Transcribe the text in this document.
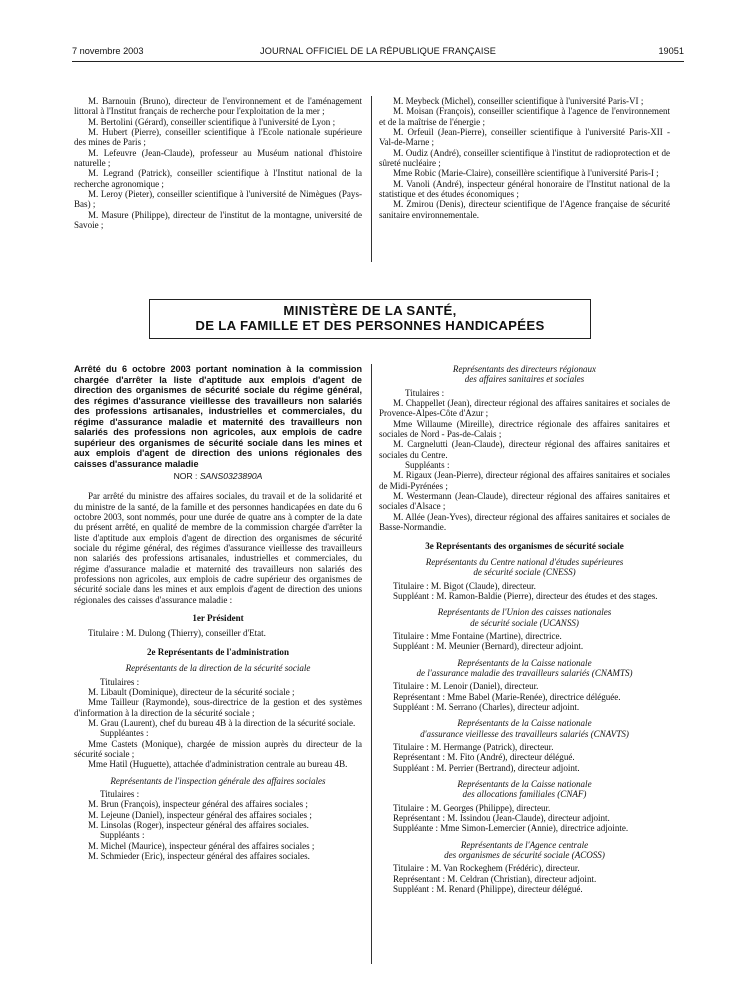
7 novembre 2003	JOURNAL OFFICIEL DE LA RÉPUBLIQUE FRANÇAISE	19051

M. Barnouin (Bruno), directeur de l'environnement et de l'aménagement littoral à l'Institut français de recherche pour l'exploitation de la mer ;

M. Bertolini (Gérard), conseiller scientifique à l'université de Lyon ;

M. Hubert (Pierre), conseiller scientifique à l'Ecole nationale supérieure des mines de Paris ;

M. Lefeuvre (Jean-Claude), professeur au Muséum national d'histoire naturelle ;

M. Legrand (Patrick), conseiller scientifique à l'Institut national de la recherche agronomique ;

M. Leroy (Pieter), conseiller scientifique à l'université de Nimègues (Pays-Bas) ;

M. Masure (Philippe), directeur de l'institut de la montagne, université de Savoie ;

M. Meybeck (Michel), conseiller scientifique à l'université Paris-VI ;

M. Moisan (François), conseiller scientifique à l'agence de l'environnement et de la maîtrise de l'énergie ;

M. Orfeuil (Jean-Pierre), conseiller scientifique à l'université Paris-XII - Val-de-Marne ;

M. Oudiz (André), conseiller scientifique à l'institut de radioprotection et de sûreté nucléaire ;

Mme Robic (Marie-Claire), conseillère scientifique à l'université Paris-I ;

M. Vanoli (André), inspecteur général honoraire de l'Institut national de la statistique et des études économiques ;

M. Zmirou (Denis), directeur scientifique de l'Agence française de sécurité sanitaire environnementale.

MINISTÈRE DE LA SANTÉ,
DE LA FAMILLE ET DES PERSONNES HANDICAPÉES

Arrêté du 6 octobre 2003 portant nomination à la commission chargée d'arrêter la liste d'aptitude aux emplois d'agent de direction des organismes de sécurité sociale du régime général, des régimes d'assurance vieillesse des travailleurs non salariés des professions artisanales, industrielles et commerciales, du régime d'assurance maladie et maternité des travailleurs non salariés des professions non agricoles, aux emplois de cadre supérieur des organismes de sécurité sociale dans les mines et aux emplois d'agent de direction des unions régionales des caisses d'assurance maladie

NOR : SANS0323890A

Par arrêté du ministre des affaires sociales, du travail et de la solidarité et du ministre de la santé, de la famille et des personnes handicapées en date du 6 octobre 2003, sont nommés, pour une durée de quatre ans à compter de la date du présent arrêté, en qualité de membre de la commission chargée d'arrêter la liste d'aptitude aux emplois d'agent de direction des organismes de sécurité sociale du régime général, des régimes d'assurance vieillesse des travailleurs non salariés des professions artisanales, industrielles et commerciales, du régime d'assurance maladie et maternité des travailleurs non salariés des professions non agricoles, aux emplois de cadre supérieur des organismes de sécurité sociale dans les mines et aux emplois d'agent de direction des unions régionales des caisses d'assurance maladie :

1er Président

Titulaire : M. Dulong (Thierry), conseiller d'Etat.

2e Représentants de l'administration

Représentants de la direction de la sécurité sociale

Titulaires :

M. Libault (Dominique), directeur de la sécurité sociale ;

Mme Tailleur (Raymonde), sous-directrice de la gestion et des systèmes d'information à la direction de la sécurité sociale ;

M. Grau (Laurent), chef du bureau 4B à la direction de la sécurité sociale.

Suppléantes :

Mme Castets (Monique), chargée de mission auprès du directeur de la sécurité sociale ;

Mme Hatil (Huguette), attachée d'administration centrale au bureau 4B.

Représentants de l'inspection générale des affaires sociales

Titulaires :

M. Brun (François), inspecteur général des affaires sociales ;

M. Lejeune (Daniel), inspecteur général des affaires sociales ;

M. Linsolas (Roger), inspecteur général des affaires sociales.

Suppléants :

M. Michel (Maurice), inspecteur général des affaires sociales ;

M. Schmieder (Eric), inspecteur général des affaires sociales.

Représentants des directeurs régionaux

des affaires sanitaires et sociales

Titulaires :

M. Chappellet (Jean), directeur régional des affaires sanitaires et sociales de Provence-Alpes-Côte d'Azur ;

Mme Willaume (Mireille), directrice régionale des affaires sanitaires et sociales de Nord - Pas-de-Calais ;

M. Cargnelutti (Jean-Claude), directeur régional des affaires sanitaires et sociales du Centre.

Suppléants :

M. Rigaux (Jean-Pierre), directeur régional des affaires sanitaires et sociales de Midi-Pyrénées ;

M. Westermann (Jean-Claude), directeur régional des affaires sanitaires et sociales d'Alsace ;

M. Allée (Jean-Yves), directeur régional des affaires sanitaires et sociales de Basse-Normandie.

3e Représentants des organismes de sécurité sociale

Représentants du Centre national d'études supérieures

de sécurité sociale (CNESS)

Titulaire : M. Bigot (Claude), directeur.

Suppléant : M. Ramon-Baldie (Pierre), directeur des études et des stages.

Représentants de l'Union des caisses nationales

de sécurité sociale (UCANSS)

Titulaire : Mme Fontaine (Martine), directrice.

Suppléant : M. Meunier (Bernard), directeur adjoint.

Représentants de la Caisse nationale

de l'assurance maladie des travailleurs salariés (CNAMTS)

Titulaire : M. Lenoir (Daniel), directeur.

Représentant : Mme Babel (Marie-Renée), directrice déléguée.

Suppléant : M. Serrano (Charles), directeur adjoint.

Représentants de la Caisse nationale

d'assurance vieillesse des travailleurs salariés (CNAVTS)

Titulaire : M. Hermange (Patrick), directeur.

Représentant : M. Fito (André), directeur délégué.

Suppléant : M. Perrier (Bertrand), directeur adjoint.

Représentants de la Caisse nationale

des allocations familiales (CNAF)

Titulaire : M. Georges (Philippe), directeur.

Représentant : M. Issindou (Jean-Claude), directeur adjoint.

Suppléante : Mme Simon-Lemercier (Annie), directrice adjointe.

Représentants de l'Agence centrale

des organismes de sécurité sociale (ACOSS)

Titulaire : M. Van Rockeghem (Frédéric), directeur.

Représentant : M. Celdran (Christian), directeur adjoint.

Suppléant : M. Renard (Philippe), directeur délégué.
